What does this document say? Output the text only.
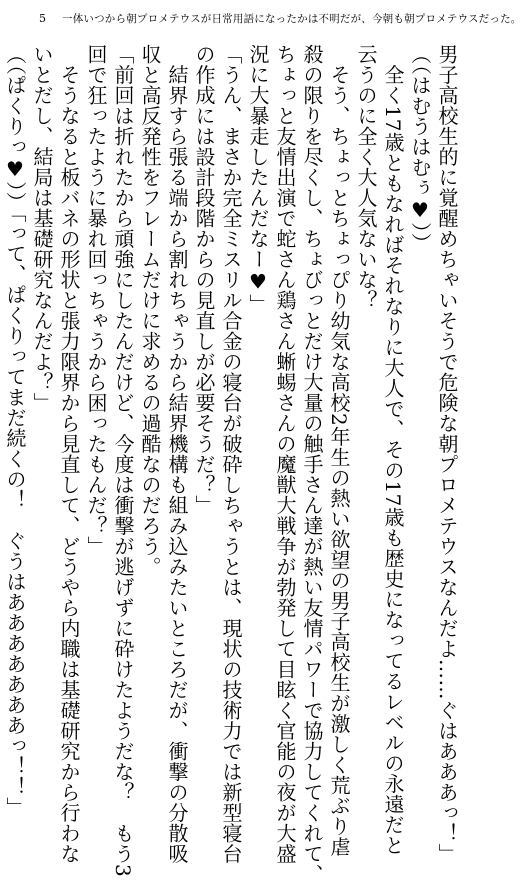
5 一体いつから朝プロメテウスが日常用語になったかは不明だが、今朝も朝プロメテウスだった。
男子高校生的に覚醒めちゃいそうで危険な朝プロメテウスなんだよ……ぐはあああっ！」
（（はむうはむぅ♥））
　全く17歳ともなればそれなりに大人で、その17歳も歴史になってるレベルの永遠だと
云うのに全く大人気ないな？
　そう、ちょっとちょっぴり幼気な高校2年生の熱い欲望の男子高校生が激しく荒ぶり虐
殺の限りを尽くし、ちょびっとだけ大量の触手さん達が熱い友情パワーで協力してくれて、
ちょっと友情出演で蛇さん鶏さん蜥蜴さんの魔獣大戦争が勃発して目眩く官能の夜が大盛
況に大暴走したんだなー♥」
「うん、まさか完全ミスリル合金の寝台が破砕しちゃうとは、現状の技術力では新型寝台
の作成には設計段階からの見直しが必要そうだ？」
　結界すら張る端から割れちゃうから結界機構も組み込みたいところだが、衝撃の分散吸
収と高反発性をフレームだけに求めるの過酷なのだろう。
「前回は折れたから頑強にしたんだけど、今度は衝撃が逃げずに砕けたようだな？　もう3
回で狂ったように暴れ回っちゃうから困ったもんだ？」
　そうなると板バネの形状と張力限界から見直して、どうやら内職は基礎研究から行わな
いとだし、結局は基礎研究なんだよ？」
（（ぱくりっ♥））「って、ぱくりってまだ続くの！　ぐうはあああああああっ！！」
